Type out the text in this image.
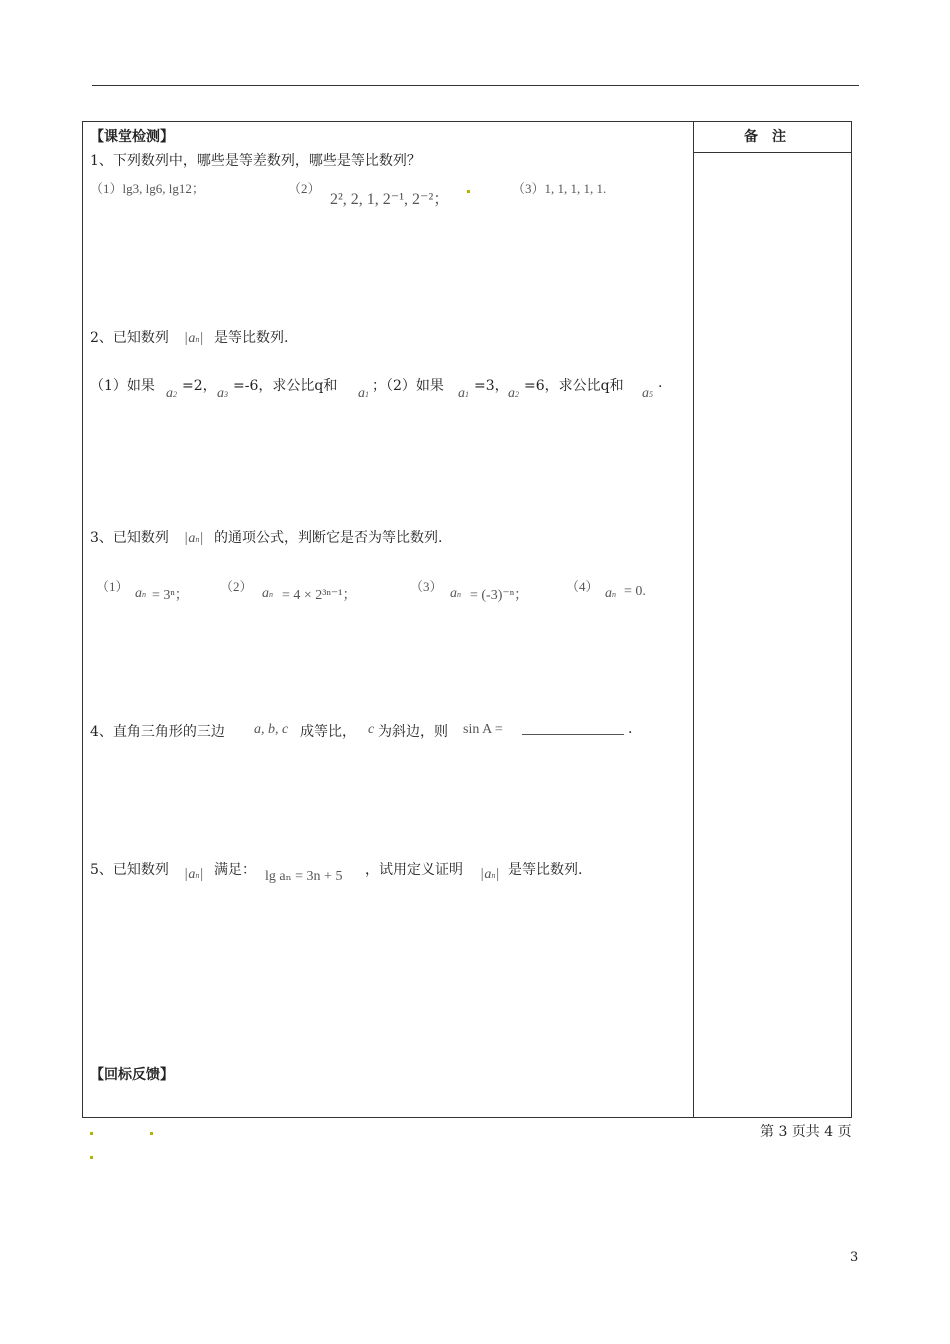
【课堂检测】	备　注
1、下列数列中，哪些是等差数列，哪些是等比数列？
（1）lg3, lg6, lg12；	（2）
2², 2, 1, 2⁻¹, 2⁻²；
（3）1, 1, 1, 1, 1.
2、已知数列 |an| 是等比数列.
（1）如果 a2
=2， a3
=-6，求公比q和 a1
；（2）如果 a1
=3， a2
=6，求公比q和 a5
.
3、已知数列 |an| 的通项公式，判断它是否为等比数列.
（1） an = 3ⁿ；
（2） an = 4 × 2³ⁿ⁻¹；
（3） an = (-3)⁻ⁿ；
（4） an = 0.
4、直角三角形的三边 a, b, c 成等比， c 为斜边，则 sin A =	.
5、已知数列 |an| 满足： lg aₙ = 3n + 5 ，试用定义证明 |an| 是等比数列.
【回标反馈】
第 3 页共 4 页
3
